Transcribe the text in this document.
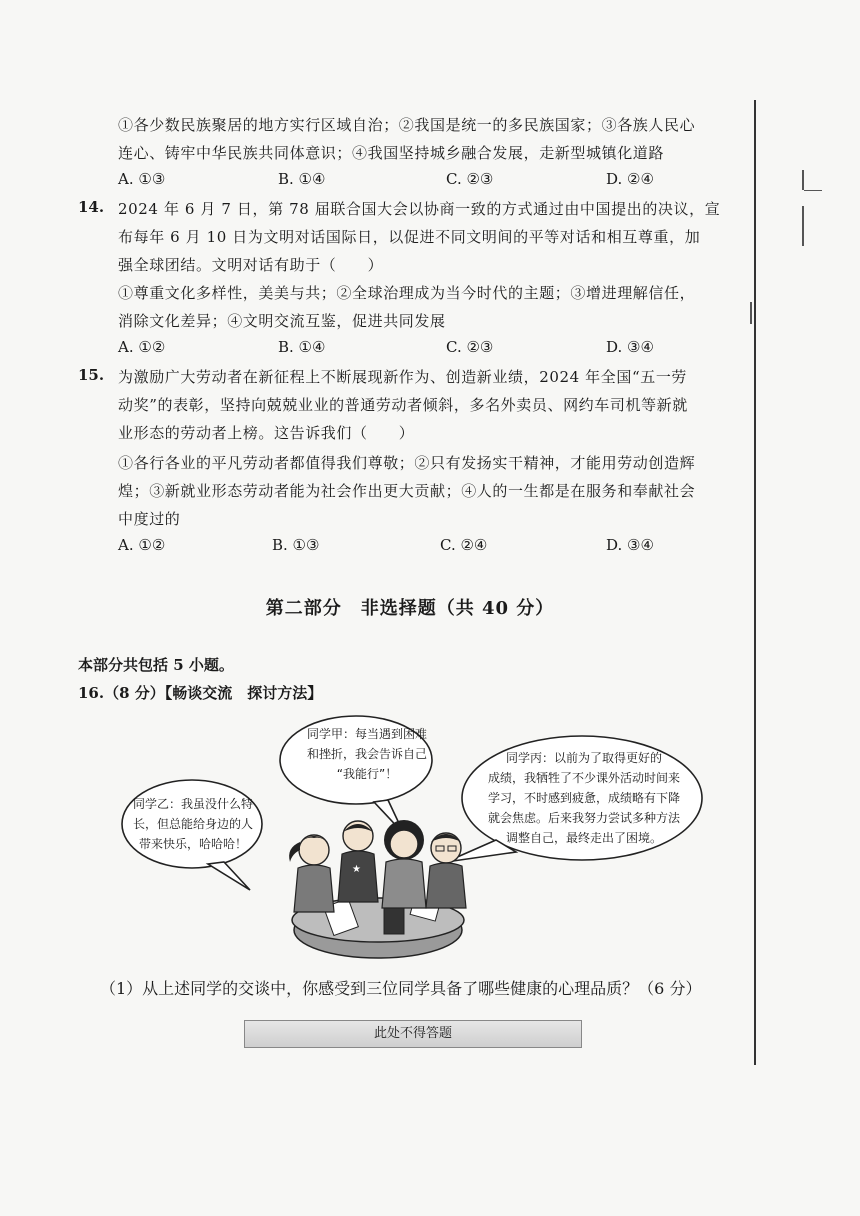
①各少数民族聚居的地方实行区域自治；②我国是统一的多民族国家；③各族人民心
连心、铸牢中华民族共同体意识；④我国坚持城乡融合发展，走新型城镇化道路
A. ①③	B. ①④	C. ②③	D. ②④
14. 2024 年 6 月 7 日，第 78 届联合国大会以协商一致的方式通过由中国提出的决议，宣
布每年 6 月 10 日为文明对话国际日，以促进不同文明间的平等对话和相互尊重，加
强全球团结。文明对话有助于（　　）
①尊重文化多样性，美美与共；②全球治理成为当今时代的主题；③增进理解信任，
消除文化差异；④文明交流互鉴，促进共同发展
A. ①②	B. ①④	C. ②③	D. ③④
15. 为激励广大劳动者在新征程上不断展现新作为、创造新业绩，2024 年全国“五一劳
动奖”的表彰，坚持向兢兢业业的普通劳动者倾斜，多名外卖员、网约车司机等新就
业形态的劳动者上榜。这告诉我们（　　）
①各行各业的平凡劳动者都值得我们尊敬；②只有发扬实干精神，才能用劳动创造辉
煌；③新就业形态劳动者能为社会作出更大贡献；④人的一生都是在服务和奉献社会
中度过的
A. ①②	B. ①③	C. ②④	D. ③④
第二部分　非选择题（共 40 分）
本部分共包括 5 小题。
16.（8 分）【畅谈交流　探讨方法】
★
同学甲：每当遇到困难
和挫折，我会告诉自己
“我能行”！
同学乙：我虽没什么特
长，但总能给身边的人
带来快乐，哈哈哈！
同学丙：以前为了取得更好的
成绩，我牺牲了不少课外活动时间来
学习，不时感到疲惫，成绩略有下降
就会焦虑。后来我努力尝试多种方法
调整自己，最终走出了困境。
（1）从上述同学的交谈中，你感受到三位同学具备了哪些健康的心理品质？（6 分）
此处不得答题
